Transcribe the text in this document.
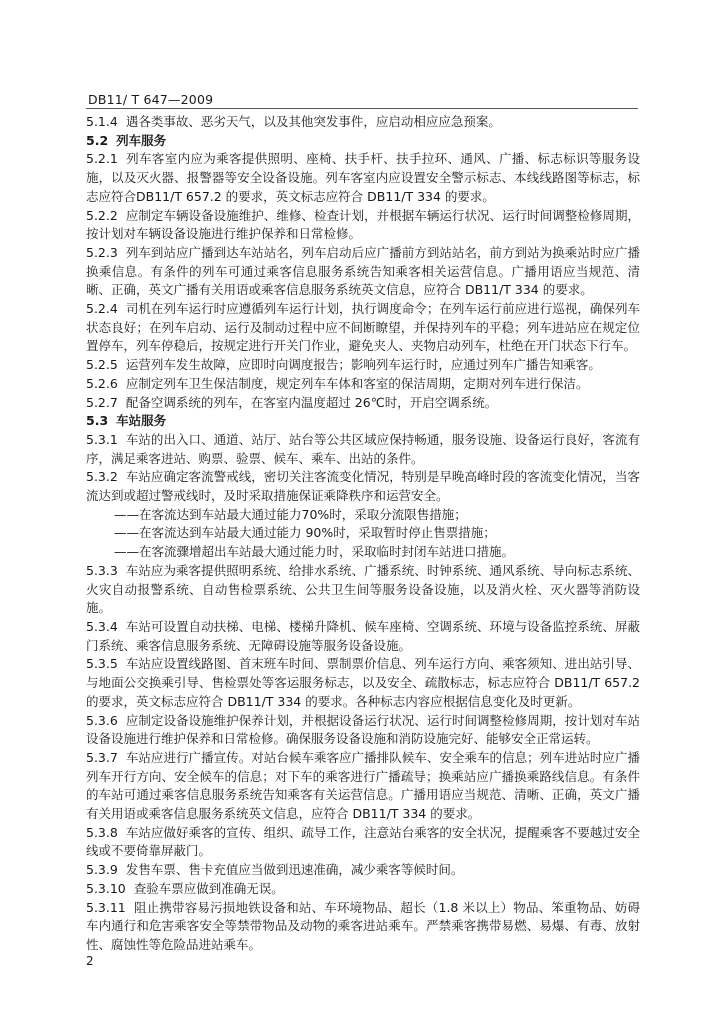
DB11/ T 647—2009

5.1.4 遇各类事故、恶劣天气，以及其他突发事件，应启动相应应急预案。

5.2 列车服务

5.2.1 列车客室内应为乘客提供照明、座椅、扶手杆、扶手拉环、通风、广播、标志标识等服务设施，以及灭火器、报警器等安全设备设施。列车客室内应设置安全警示标志、本线线路图等标志，标志应符合DB11/T 657.2 的要求，英文标志应符合 DB11/T 334 的要求。

5.2.2 应制定车辆设备设施维护、维修、检查计划，并根据车辆运行状况、运行时间调整检修周期，按计划对车辆设备设施进行维护保养和日常检修。

5.2.3 列车到站应广播到达车站站名，列车启动后应广播前方到站站名，前方到站为换乘站时应广播换乘信息。有条件的列车可通过乘客信息服务系统告知乘客相关运营信息。广播用语应当规范、清晰、正确，英文广播有关用语或乘客信息服务系统英文信息，应符合 DB11/T 334 的要求。

5.2.4 司机在列车运行时应遵循列车运行计划，执行调度命令；在列车运行前应进行巡视，确保列车状态良好；在列车启动、运行及制动过程中应不间断瞭望，并保持列车的平稳；列车进站应在规定位置停车，列车停稳后，按规定进行开关门作业，避免夹人、夹物启动列车，杜绝在开门状态下行车。

5.2.5 运营列车发生故障，应即时向调度报告；影响列车运行时，应通过列车广播告知乘客。

5.2.6 应制定列车卫生保洁制度，规定列车车体和客室的保洁周期，定期对列车进行保洁。

5.2.7 配备空调系统的列车，在客室内温度超过 26℃时，开启空调系统。

5.3 车站服务

5.3.1 车站的出入口、通道、站厅、站台等公共区域应保持畅通，服务设施、设备运行良好，客流有序，满足乘客进站、购票、验票、候车、乘车、出站的条件。

5.3.2 车站应确定客流警戒线，密切关注客流变化情况，特别是早晚高峰时段的客流变化情况，当客流达到或超过警戒线时，及时采取措施保证乘降秩序和运营安全。

——在客流达到车站最大通过能力70%时，采取分流限售措施；

——在客流达到车站最大通过能力 90%时，采取暂时停止售票措施；

——在客流骤增超出车站最大通过能力时，采取临时封闭车站进口措施。

5.3.3 车站应为乘客提供照明系统、给排水系统、广播系统、时钟系统、通风系统、导向标志系统、火灾自动报警系统、自动售检票系统、公共卫生间等服务设备设施，以及消火栓、灭火器等消防设施。

5.3.4 车站可设置自动扶梯、电梯、楼梯升降机、候车座椅、空调系统、环境与设备监控系统、屏蔽门系统、乘客信息服务系统、无障碍设施等服务设备设施。

5.3.5 车站应设置线路图、首末班车时间、票制票价信息、列车运行方向、乘客须知、进出站引导、与地面公交换乘引导、售检票处等客运服务标志，以及安全、疏散标志，标志应符合 DB11/T 657.2 的要求，英文标志应符合 DB11/T 334 的要求。各种标志内容应根据信息变化及时更新。

5.3.6 应制定设备设施维护保养计划，并根据设备运行状况、运行时间调整检修周期，按计划对车站设备设施进行维护保养和日常检修。确保服务设备设施和消防设施完好、能够安全正常运转。

5.3.7 车站应进行广播宣传。对站台候车乘客应广播排队候车、安全乘车的信息；列车进站时应广播列车开行方向、安全候车的信息；对下车的乘客进行广播疏导；换乘站应广播换乘路线信息。有条件的车站可通过乘客信息服务系统告知乘客有关运营信息。广播用语应当规范、清晰、正确，英文广播有关用语或乘客信息服务系统英文信息，应符合 DB11/T 334 的要求。

5.3.8 车站应做好乘客的宣传、组织、疏导工作，注意站台乘客的安全状况，提醒乘客不要越过安全线或不要倚靠屏蔽门。

5.3.9 发售车票、售卡充值应当做到迅速准确，减少乘客等候时间。

5.3.10 查验车票应做到准确无误。

5.3.11 阻止携带容易污损地铁设备和站、车环境物品、超长（1.8 米以上）物品、笨重物品、妨碍车内通行和危害乘客安全等禁带物品及动物的乘客进站乘车。严禁乘客携带易燃、易爆、有毒、放射性、腐蚀性等危险品进站乘车。

2
